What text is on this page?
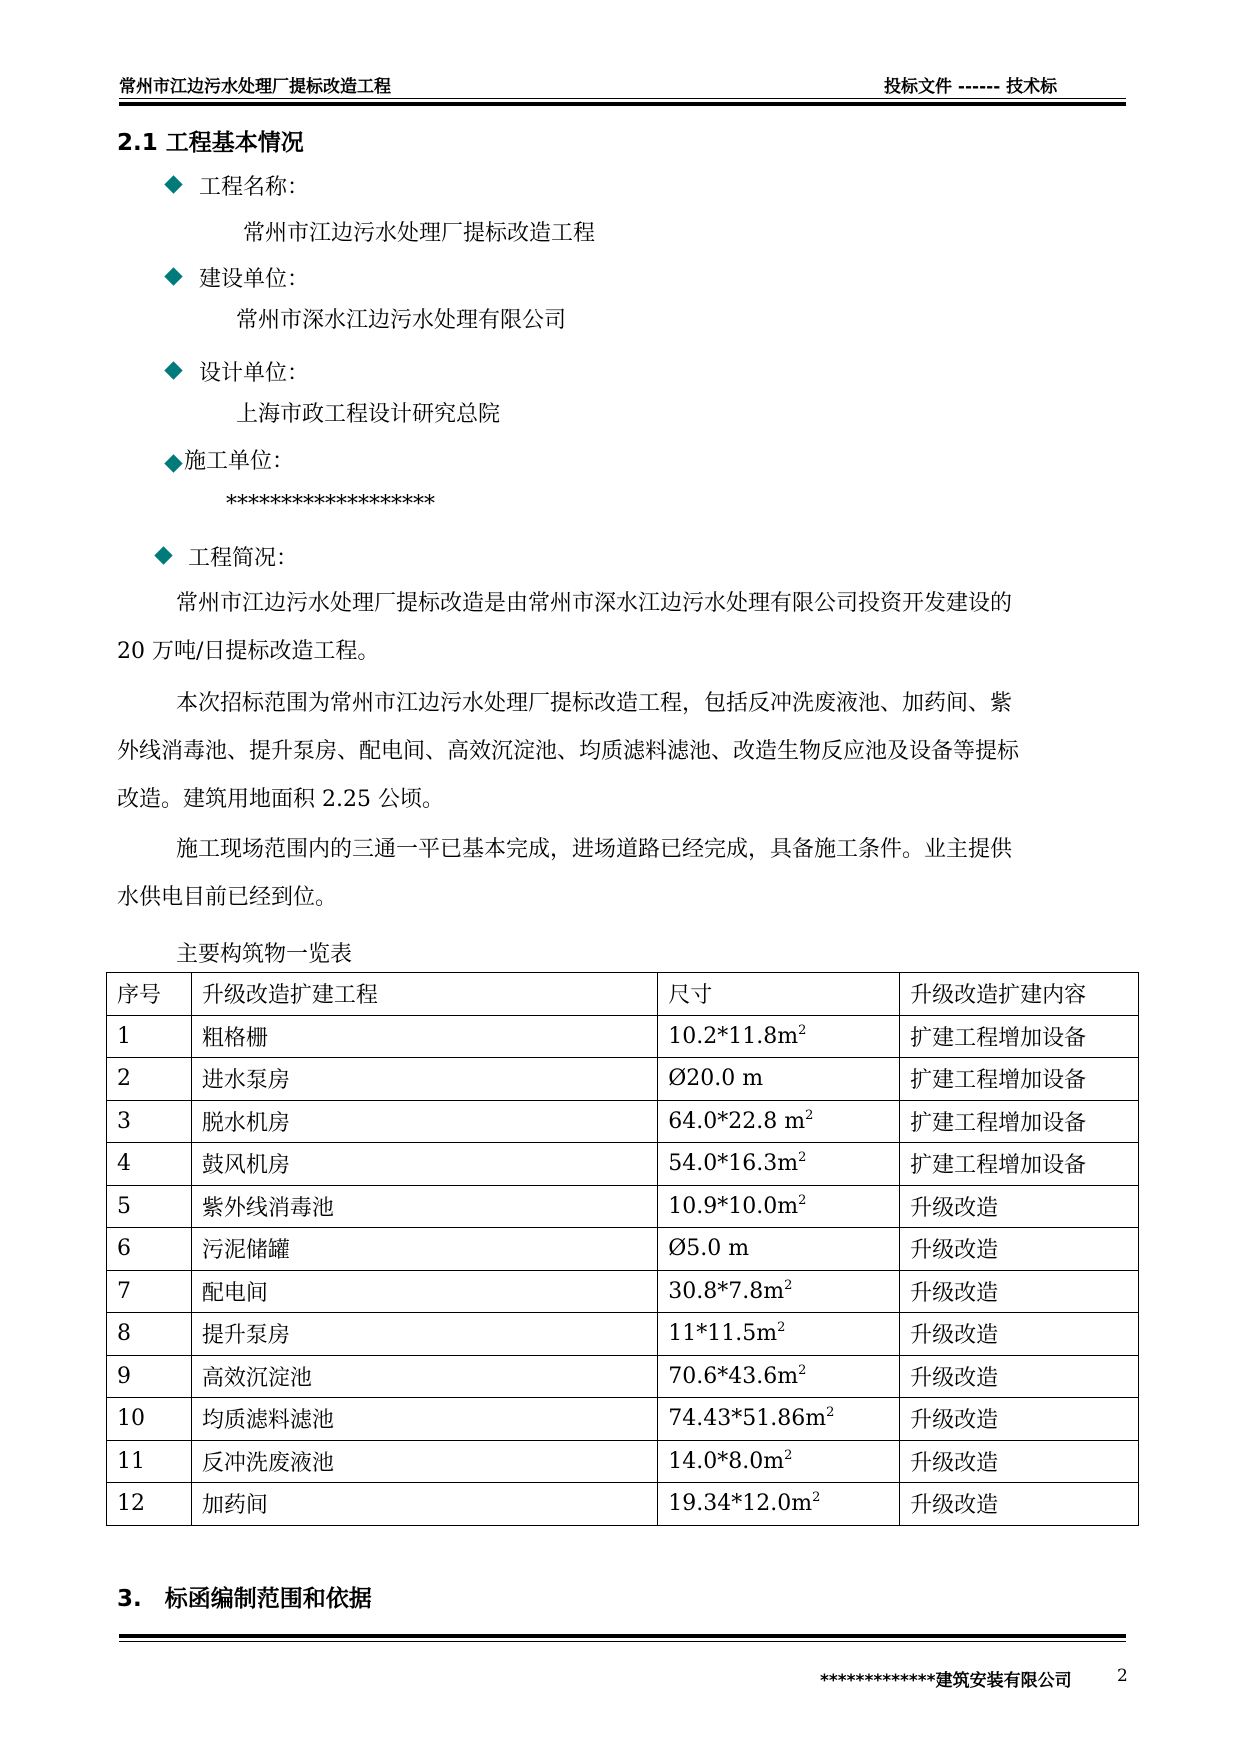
常州市江边污水处理厂提标改造工程	投标文件 ------ 技术标
2.1 工程基本情况
工程名称：
常州市江边污水处理厂提标改造工程
建设单位：
常州市深水江边污水处理有限公司
设计单位：
上海市政工程设计研究总院
施工单位：
*******************
工程简况：
常州市江边污水处理厂提标改造是由常州市深水江边污水处理有限公司投资开发建设的
20 万吨/日提标改造工程。
本次招标范围为常州市江边污水处理厂提标改造工程，包括反冲洗废液池、加药间、紫
外线消毒池、提升泵房、配电间、高效沉淀池、均质滤料滤池、改造生物反应池及设备等提标
改造。建筑用地面积 2.25 公顷。
施工现场范围内的三通一平已基本完成，进场道路已经完成，具备施工条件。业主提供
水供电目前已经到位。
主要构筑物一览表
序号	升级改造扩建工程	尺寸	升级改造扩建内容
1	粗格栅	$10.2*11.8m^2$	扩建工程增加设备
2	进水泵房	Ø20.0 m	扩建工程增加设备
3	脱水机房	64.0*22.8 $m^2$	扩建工程增加设备
4	鼓风机房	$54.0*16.3m^2$	扩建工程增加设备
5	紫外线消毒池	$10.9*10.0m^2$	升级改造
6	污泥储罐	Ø5.0 m	升级改造
7	配电间	$30.8*7.8m^2$	升级改造
8	提升泵房	$11*11.5m^2$	升级改造
9	高效沉淀池	$70.6*43.6m^2$	升级改造
10	均质滤料滤池	$74.43*51.86m^2$	升级改造
11	反冲洗废液池	$14.0*8.0m^2$	升级改造
12	加药间	$19.34*12.0m^2$	升级改造
3.　标函编制范围和依据
*************建筑安装有限公司	2
